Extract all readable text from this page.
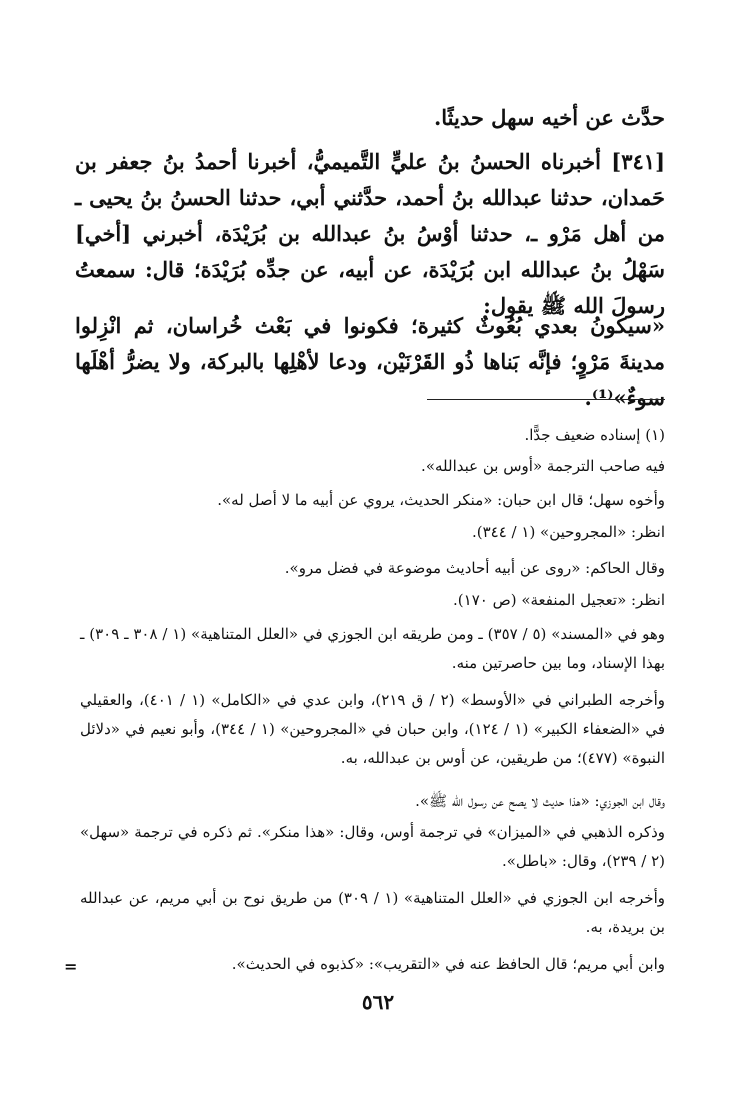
حدَّث عن أخيه سهل حديثًا.

[٣٤١] أخبرناه الحسنُ بنُ عليٍّ التَّميميُّ، أخبرنا أحمدُ بنُ جعفر بن حَمدان، حدثنا عبدالله بنُ أحمد، حدَّثني أبي، حدثنا الحسنُ بنُ يحيى ـ من أهل مَرْو ـ، حدثنا أوْسُ بنُ عبدالله بن بُرَيْدَة، أخبرني [أخي] سَهْلُ بنُ عبدالله ابن بُرَيْدَة، عن أبيه، عن جدِّه بُرَيْدَة؛ قال: سمعتُ رسولَ الله ﷺ يقول:

«سيكونُ بعدي بُعُوثٌ كثيرة؛ فكونوا في بَعْث خُراسان، ثم انْزِلوا مدينةَ مَرْوٍ؛ فإنَّه بَناها ذُو القَرْنَيْن، ودعا لأهْلِها بالبركة، ولا يضرُّ أهْلَها سوءٌ»⁽¹⁾.

(١) إسناده ضعيف جدًّا.

فيه صاحب الترجمة «أوس بن عبدالله».

وأخوه سهل؛ قال ابن حبان: «منكر الحديث، يروي عن أبيه ما لا أصل له».

انظر: «المجروحين» (١ / ٣٤٤).

وقال الحاكم: «روى عن أبيه أحاديث موضوعة في فضل مرو».

انظر: «تعجيل المنفعة» (ص ١٧٠).

وهو في «المسند» (٥ / ٣٥٧) ـ ومن طريقه ابن الجوزي في «العلل المتناهية» (١ / ٣٠٨ ـ ٣٠٩) ـ بهذا الإسناد، وما بين حاصرتين منه.

وأخرجه الطبراني في «الأوسط» (٢ / ق ٢١٩)، وابن عدي في «الكامل» (١ / ٤٠١)، والعقيلي في «الضعفاء الكبير» (١ / ١٢٤)، وابن حبان في «المجروحين» (١ / ٣٤٤)، وأبو نعيم في «دلائل النبوة» (٤٧٧)؛ من طريقين، عن أوس بن عبدالله، به.

وقال ابن الجوزي: «هذا حديث لا يصح عن رسول الله ﷺ».

وذكره الذهبي في «الميزان» في ترجمة أوس، وقال: «هذا منكر». ثم ذكره في ترجمة «سهل» (٢ / ٢٣٩)، وقال: «باطل».

وأخرجه ابن الجوزي في «العلل المتناهية» (١ / ٣٠٩) من طريق نوح بن أبي مريم، عن عبدالله بن بريدة، به.

وابن أبي مريم؛ قال الحافظ عنه في «التقريب»: «كذبوه في الحديث».

=
٥٦٢
